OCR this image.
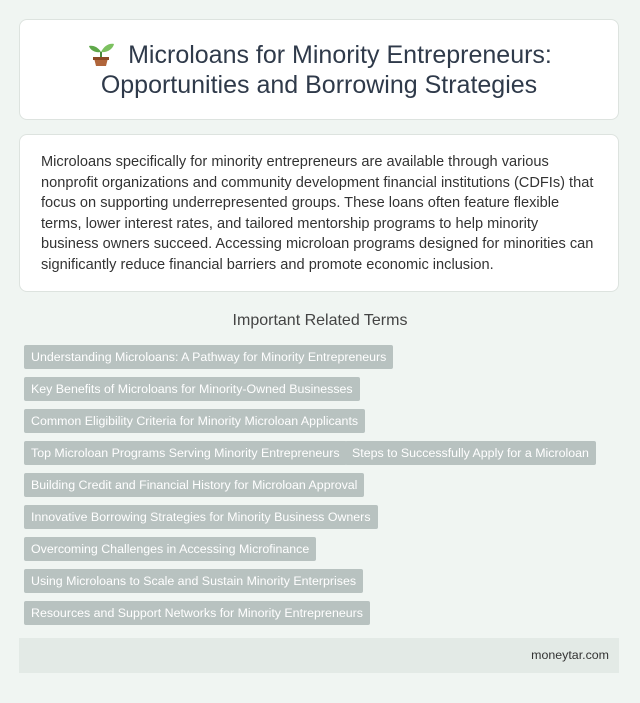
Microloans for Minority Entrepreneurs:
Opportunities and Borrowing Strategies

Microloans specifically for minority entrepreneurs are available through various nonprofit organizations and community development financial institutions (CDFIs) that focus on supporting underrepresented groups. These loans often feature flexible terms, lower interest rates, and tailored mentorship programs to help minority business owners succeed. Accessing microloan programs designed for minorities can significantly reduce financial barriers and promote economic inclusion.

Important Related Terms
Understanding Microloans: A Pathway for Minority Entrepreneurs
Key Benefits of Microloans for Minority-Owned Businesses
Common Eligibility Criteria for Minority Microloan Applicants
Top Microloan Programs Serving Minority Entrepreneurs	Steps to Successfully Apply for a Microloan
Building Credit and Financial History for Microloan Approval
Innovative Borrowing Strategies for Minority Business Owners
Overcoming Challenges in Accessing Microfinance
Using Microloans to Scale and Sustain Minority Enterprises
Resources and Support Networks for Minority Entrepreneurs
moneytar.com
